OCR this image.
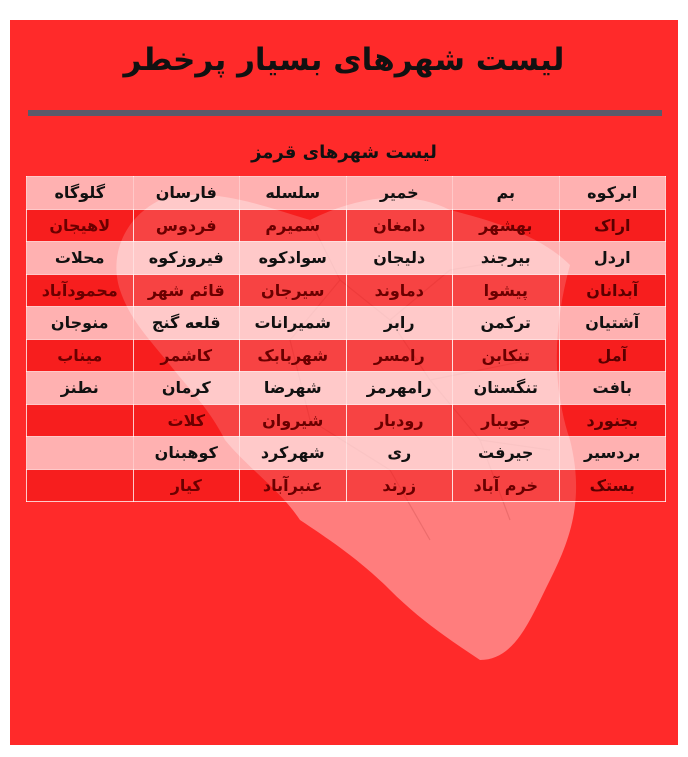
لیست شهرهای بسیار پرخطر
لیست شهرهای قرمز
ابرکوه	بم	خمیر	سلسله	فارسان	گلوگاه
اراک	بهشهر	دامغان	سمیرم	فردوس	لاهیجان
اردل	بیرجند	دلیجان	سوادکوه	فیروزکوه	محلات
آبدانان	پیشوا	دماوند	سیرجان	قائم شهر	محمودآباد
آشتیان	ترکمن	رابر	شمیرانات	قلعه گنج	منوجان
آمل	تنکابن	رامسر	شهربابک	کاشمر	میناب
بافت	تنگستان	رامهرمز	شهرضا	کرمان	نطنز
بجنورد	جویبار	رودبار	شیروان	کلات	
بردسیر	جیرفت	ری	شهرکرد	کوهبنان	
بستک	خرم آباد	زرند	عنبرآباد	کیار	
